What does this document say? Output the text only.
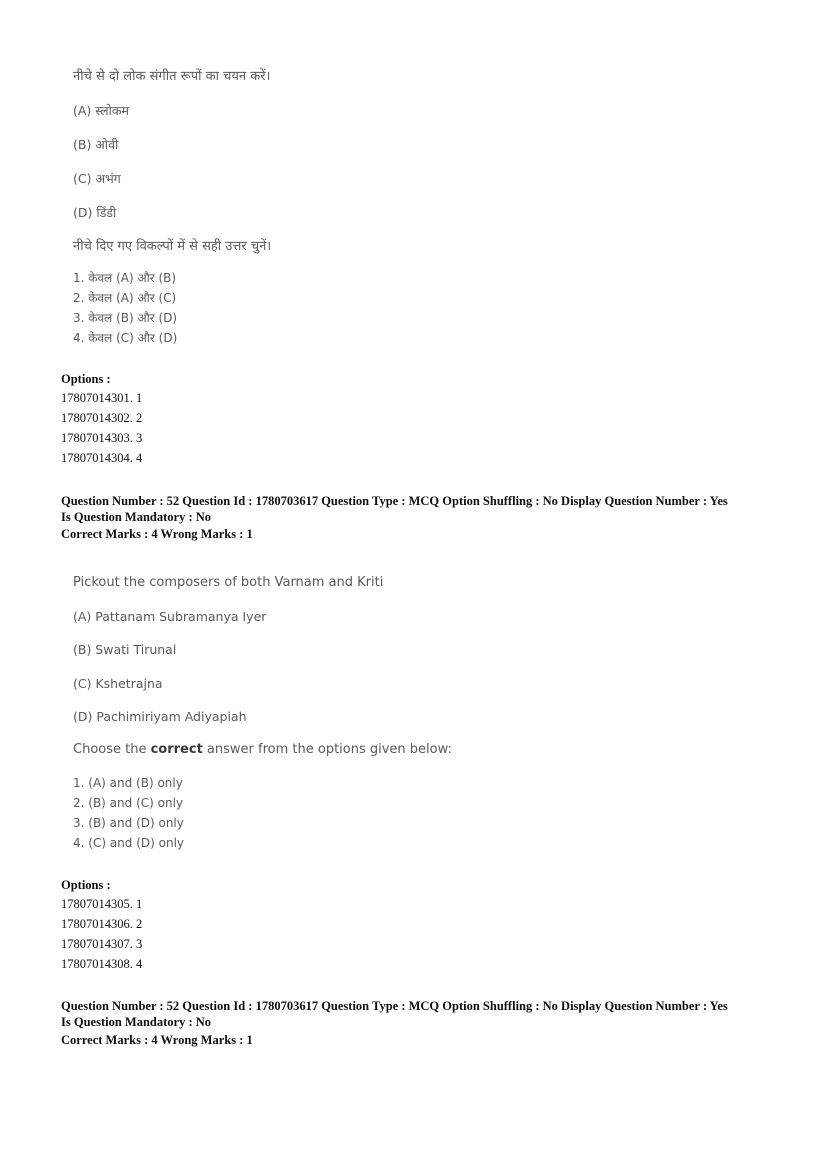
नीचे से दो लोक संगीत रूपों का चयन करें।
(A) स्लोकम
(B) ओवी
(C) अभंग
(D) डिंडी
नीचे दिए गए विकल्पों में से सही उत्तर चुनें।
1. केवल (A) और (B)
2. केवल (A) और (C)
3. केवल (B) और (D)
4. केवल (C) और (D)
Options :
17807014301. 1
17807014302. 2
17807014303. 3
17807014304. 4
Question Number : 52 Question Id : 1780703617 Question Type : MCQ Option Shuffling : No Display Question Number : Yes
Is Question Mandatory : No
Correct Marks : 4 Wrong Marks : 1
Pickout the composers of both Varnam and Kriti
(A) Pattanam Subramanya Iyer
(B) Swati Tirunal
(C) Kshetrajna
(D) Pachimiriyam Adiyapiah
Choose the correct answer from the options given below:
1. (A) and (B) only
2. (B) and (C) only
3. (B) and (D) only
4. (C) and (D) only
Options :
17807014305. 1
17807014306. 2
17807014307. 3
17807014308. 4
Question Number : 52 Question Id : 1780703617 Question Type : MCQ Option Shuffling : No Display Question Number : Yes
Is Question Mandatory : No
Correct Marks : 4 Wrong Marks : 1
